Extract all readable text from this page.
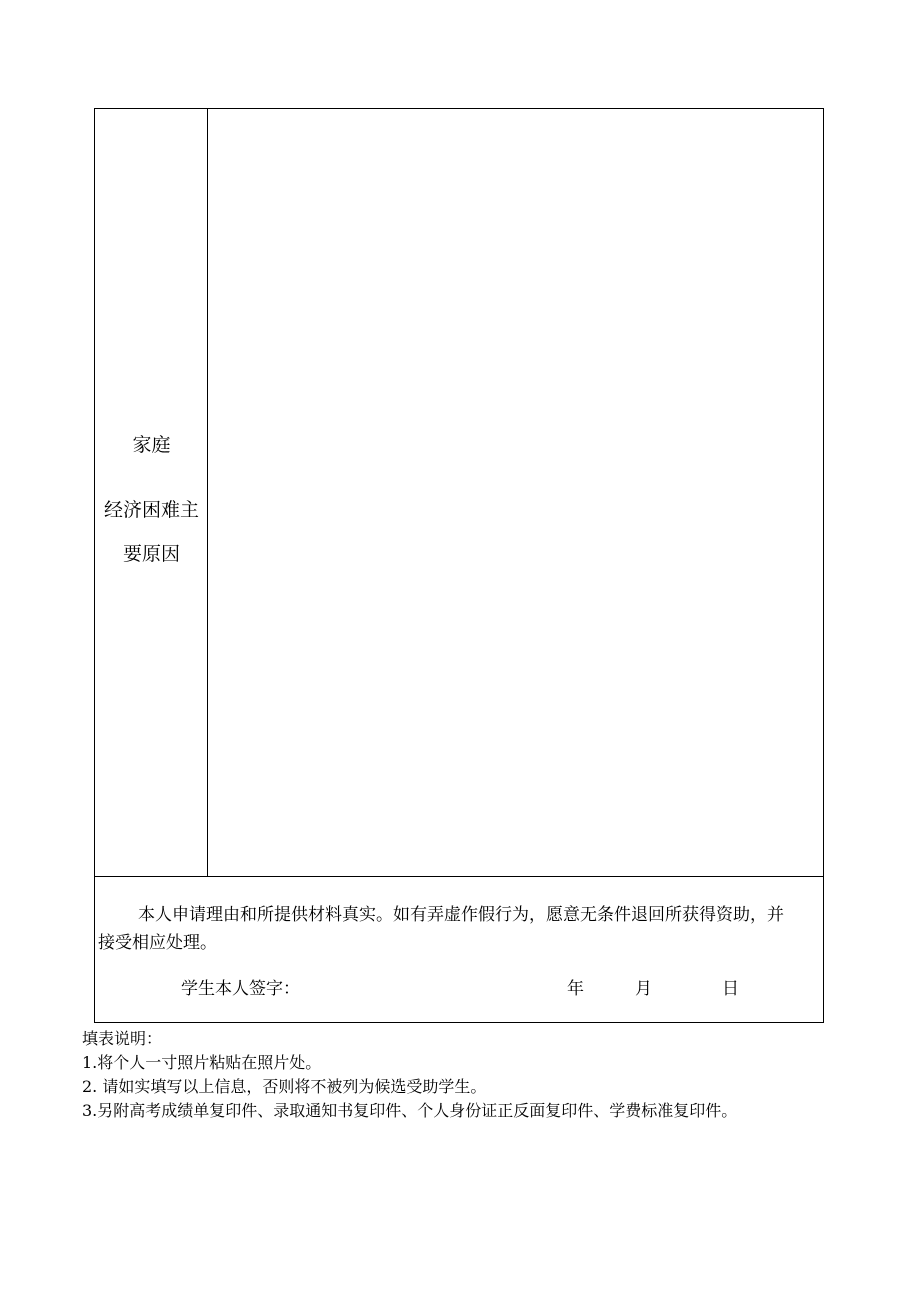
家庭
经济困难主
要原因
本人申请理由和所提供材料真实。如有弄虚作假行为，愿意无条件退回所获得资助，并接受相应处理。
学生本人签字：	年	月	日

填表说明：

1.将个人一寸照片粘贴在照片处。

2. 请如实填写以上信息，否则将不被列为候选受助学生。

3.另附高考成绩单复印件、录取通知书复印件、个人身份证正反面复印件、学费标准复印件。
